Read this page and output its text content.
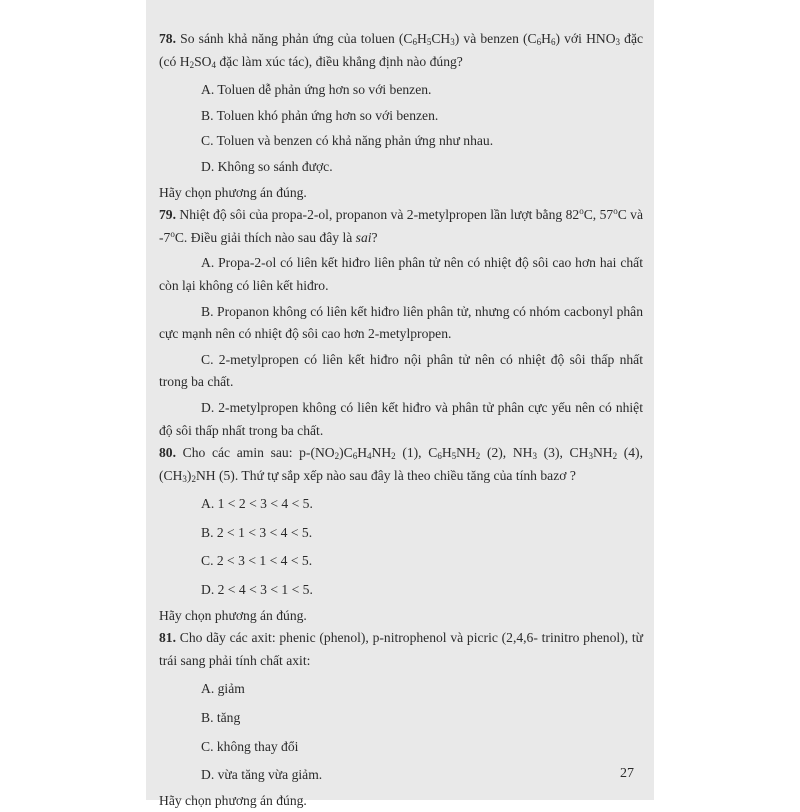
78. So sánh khả năng phản ứng của toluen $(C_6H_5CH_3)$ và benzen $(C_6H_6)$ với $HNO_3$ đặc (có $H_2SO_4$ đặc làm xúc tác), điều khẳng định nào đúng?

A. Toluen dễ phản ứng hơn so với benzen.

B. Toluen khó phản ứng hơn so với benzen.

C. Toluen và benzen có khả năng phản ứng như nhau.

D. Không so sánh được.

Hãy chọn phương án đúng.

79. Nhiệt độ sôi của propa-2-ol, propanon và 2-metylpropen lần lượt bằng 82$^o$C, 57$^o$C và -7$^o$C. Điều giải thích nào sau đây là sai?

A. Propa-2-ol có liên kết hiđro liên phân tử nên có nhiệt độ sôi cao hơn hai chất còn lại không có liên kết hiđro.

B. Propanon không có liên kết hiđro liên phân tử, nhưng có nhóm cacbonyl phân cực mạnh nên có nhiệt độ sôi cao hơn 2-metylpropen.

C. 2-metylpropen có liên kết hiđro nội phân tử nên có nhiệt độ sôi thấp nhất trong ba chất.

D. 2-metylpropen không có liên kết hiđro và phân tử phân cực yếu nên có nhiệt độ sôi thấp nhất trong ba chất.

80. Cho các amin sau: $p-(NO_2)C_6H_4NH_2$ (1), $C_6H_5NH_2$ (2), $NH_3$ (3), $CH_3NH_2$ (4), $(CH_3)_2NH$ (5). Thứ tự sắp xếp nào sau đây là theo chiều tăng của tính bazơ ?

A. 1 < 2 < 3 < 4 < 5.

B. 2 < 1 < 3 < 4 < 5.

C. 2 < 3 < 1 < 4 < 5.

D. 2 < 4 < 3 < 1 < 5.

Hãy chọn phương án đúng.

81. Cho dãy các axit: phenic (phenol), p-nitrophenol và picric (2,4,6- trinitro phenol), từ trái sang phải tính chất axit:

A. giảm

B. tăng

C. không thay đổi

D. vừa tăng vừa giảm.

Hãy chọn phương án đúng.

27
